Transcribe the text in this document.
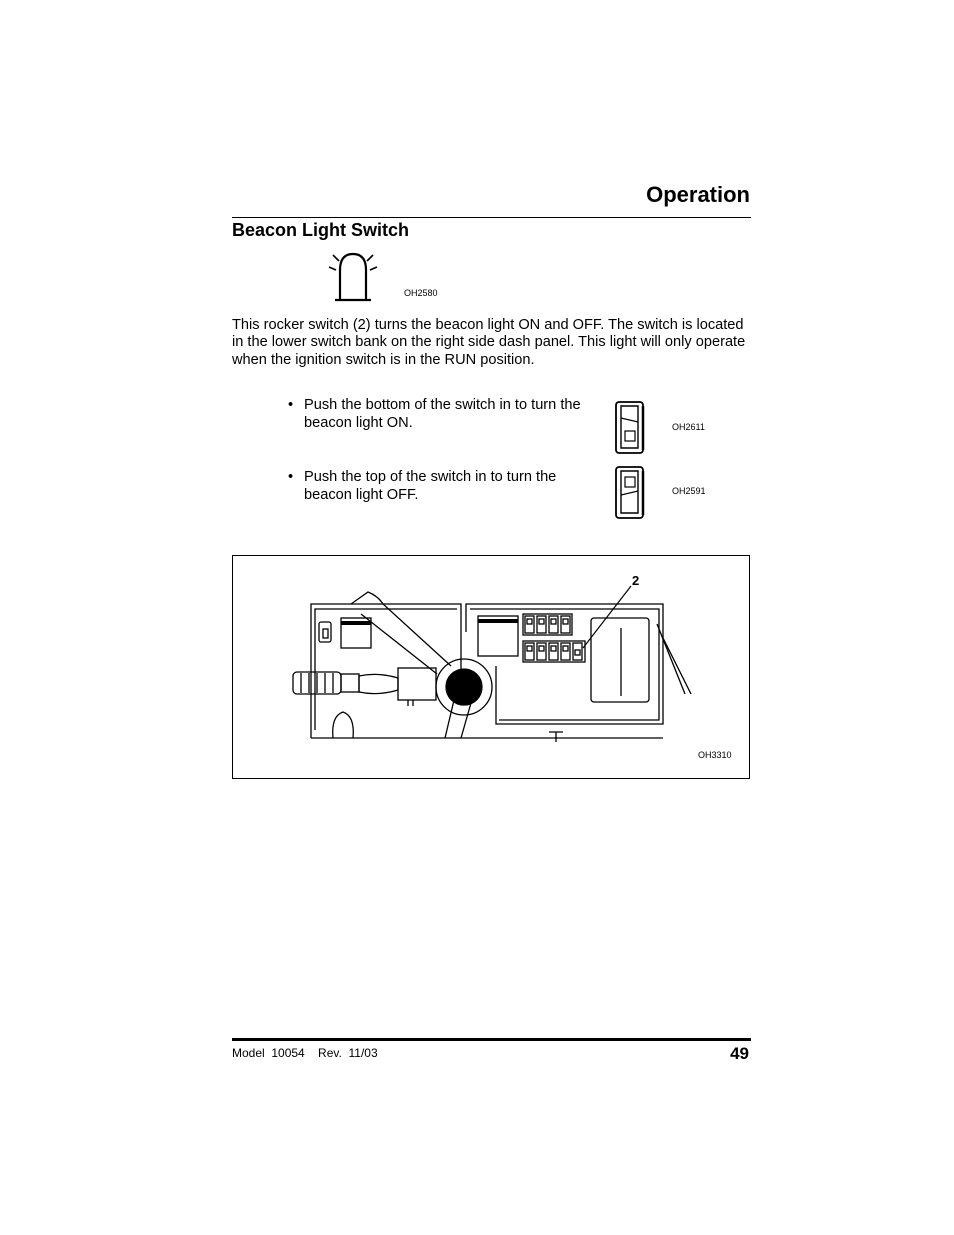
Operation
Beacon Light Switch
OH2580
This rocker switch (2) turns the beacon light ON and OFF. The switch is located in the lower switch bank on the right side dash panel. This light will only operate when the ignition switch is in the RUN position.
• Push the bottom of the switch in to turn the beacon light ON.	OH2611
• Push the top of the switch in to turn the beacon light OFF.	OH2591
2
OH3310
Model  10054    Rev.  11/03	49
